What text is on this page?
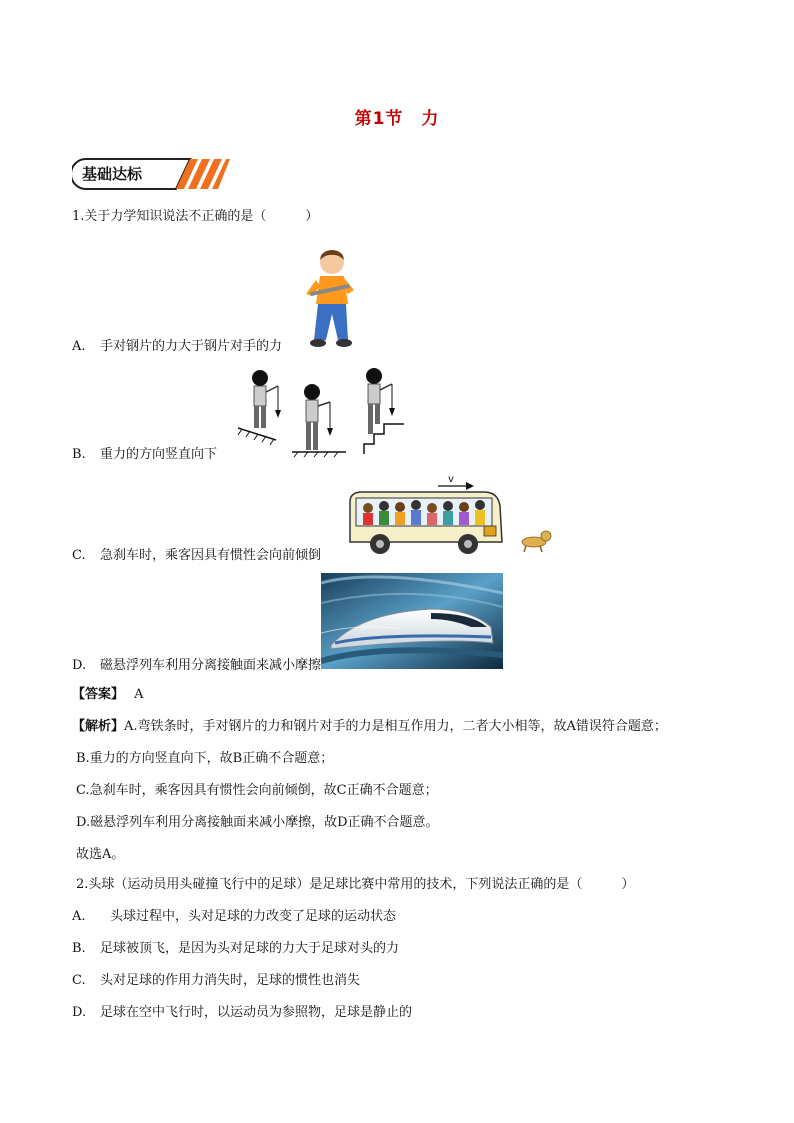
第1节　力
基础达标
1.关于力学知识说法不正确的是（　　　）
A. 手对钢片的力大于钢片对手的力
B. 重力的方向竖直向下
v
C. 急刹车时，乘客因具有惯性会向前倾倒
D. 磁悬浮列车利用分离接触面来减小摩擦
【答案】 A
【解析】A.弯铁条时，手对钢片的力和钢片对手的力是相互作用力，二者大小相等，故A错误符合题意；
B.重力的方向竖直向下，故B正确不合题意；
C.急刹车时，乘客因具有惯性会向前倾倒，故C正确不合题意；
D.磁悬浮列车利用分离接触面来减小摩擦，故D正确不合题意。
故选A。
2.头球（运动员用头碰撞飞行中的足球）是足球比赛中常用的技术，下列说法正确的是（　　　）
A. 头球过程中，头对足球的力改变了足球的运动状态
B. 足球被顶飞，是因为头对足球的力大于足球对头的力
C. 头对足球的作用力消失时，足球的惯性也消失
D. 足球在空中飞行时，以运动员为参照物，足球是静止的
